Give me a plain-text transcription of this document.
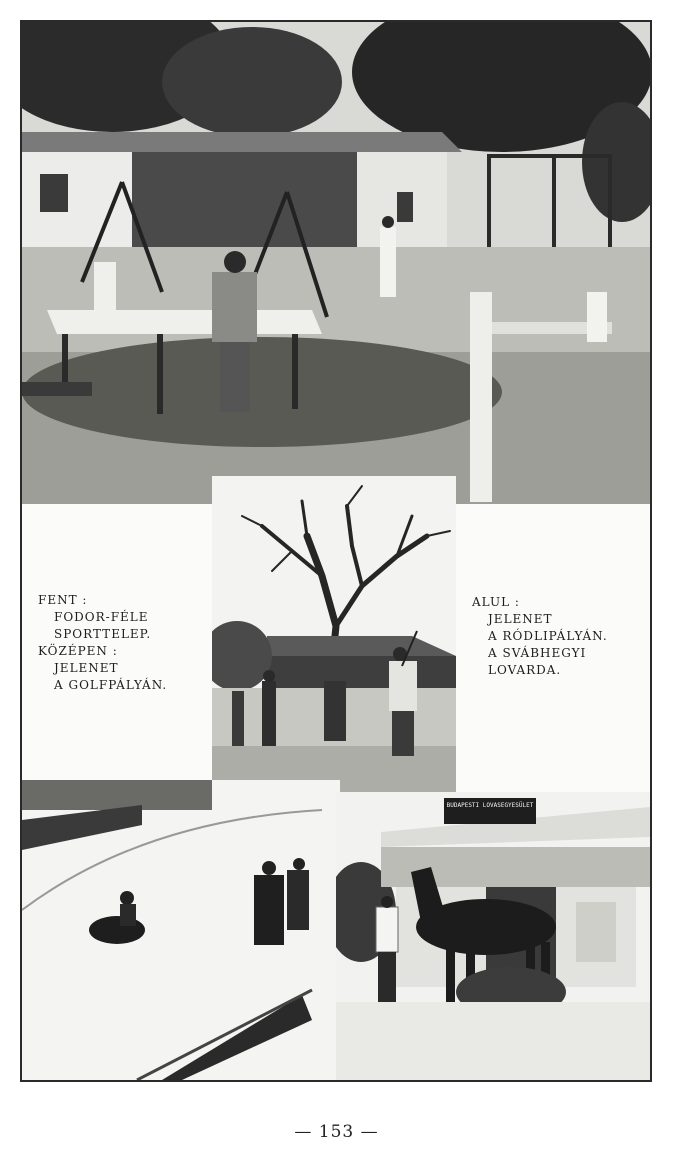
BUDAPESTI LOVASEGYESÜLET
FENT :
FODOR-FÉLE
SPORTTELEP.
KÖZÉPEN :
JELENET
A GOLFPÁLYÁN.
ALUL :
JELENET
A RÓDLIPÁLYÁN.
A SVÁBHEGYI
LOVARDA.
— 153 —
